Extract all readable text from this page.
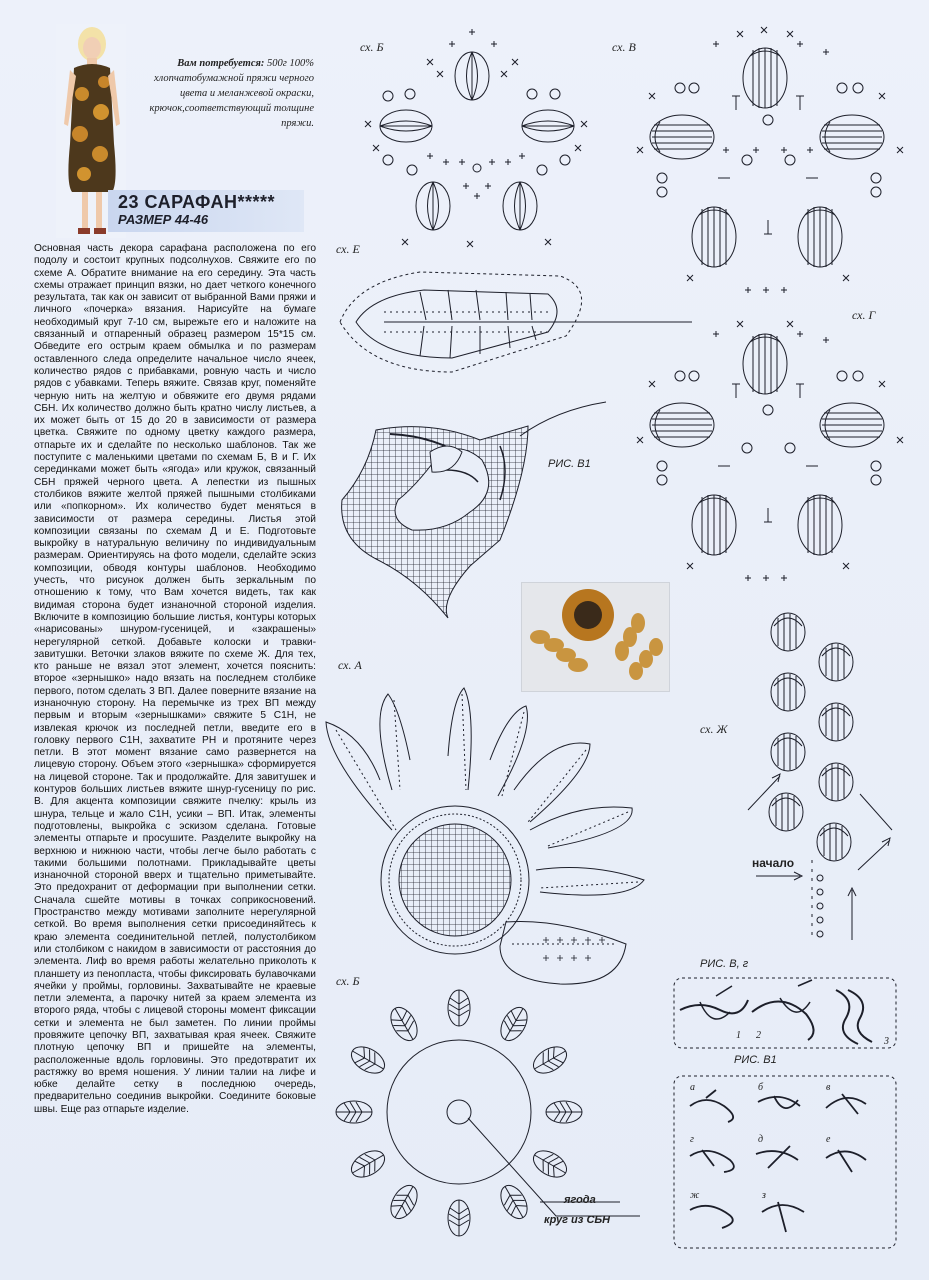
Вам потребуется: 500г 100% хлопчатобумажной пряжи черного цвета и меланжевой окраски, крючок,соответствующий толщине пряжи.
23 САРАФАН*****
РАЗМЕР 44-46
Основная часть декора сарафана расположена по его подолу и состоит крупных подсолнухов. Свяжите его по схеме А. Обратите внимание на его середину. Эта часть схемы отражает принцип вязки, но дает четкого конечного результата, так как он зависит от выбранной Вами пряжи и личного «почерка» вязания. Нарисуйте на бумаге необходимый круг 7-10 см, вырежьте его и наложите на связанный и отпаренный образец размером 15*15 см. Обведите его острым краем обмылка и по размерам оставленного следа определите начальное число ячеек, количество рядов с прибавками, ровную часть и число рядов с убавками. Теперь вяжите. Связав круг, поменяйте черную нить на желтую и обвяжите его двумя рядами СБН. Их количество должно быть кратно числу листьев, а их может быть от 15 до 20 в зависимости от размера цветка. Свяжите по одному цветку каждого размера, отпарьте их и сделайте по несколько шаблонов. Так же поступите с маленькими цветами по схемам Б, В и Г. Их серединками может быть «ягода» или кружок, связанный СБН пряжей черного цвета. А лепестки из пышных столбиков вяжите желтой пряжей пышными столбиками или «попкорном». Их количество будет меняться в зависимости от размера середины. Листья этой композиции связаны по схемам Д и Е. Подготовьте выкройку в натуральную величину по индивидуальным размерам. Ориентируясь на фото модели, сделайте эскиз композиции, обводя контуры шаблонов. Необходимо учесть, что рисунок должен быть зеркальным по отношению к тому, что Вам хочется видеть, так как видимая сторона будет изнаночной стороной изделия. Включите в композицию большие листья, контуры которых «нарисованы» шнуром-гусеницей, и «закрашены» нерегулярной сеткой. Добавьте колоски и травки-завитушки. Веточки злаков вяжите по схеме Ж. Для тех, кто раньше не вязал этот элемент, хочется пояснить: второе «зернышко» надо вязать на последнем столбике первого, потом сделать 3 ВП. Далее поверните вязание на изнаночную сторону. На перемычке из трех ВП между первым и вторым «зернышками» свяжите 5 С1Н, не извлекая крючок из последней петли, введите его в головку первого С1Н, захватите РН и протяните через петли. В этот момент вязание само развернется на лицевую сторону. Объем этого «зернышка» сформируется на лицевой стороне. Так и продолжайте. Для завитушек и контуров больших листьев вяжите шнур-гусеницу по рис. В. Для акцента композиции свяжите пчелку: крыль из шнура, тельце и жало С1Н, усики – ВП. Итак, элементы подготовлены, выкройка с эскизом сделана. Готовые элементы отпарьте и просушите. Разделите выкройку на верхнюю и нижнюю части, чтобы легче было работать с такими большими полотнами. Прикладывайте цветы изнаночной стороной вверх и тщательно приметывайте. Это предохранит от деформации при выполнении сетки. Сначала сшейте мотивы в точках соприкосновений. Пространство между мотивами заполните нерегулярной сеткой. Во время выполнения сетки присоединяйтесь к краю элемента соединительной петлей, полустолбиком или столбиком с накидом в зависимости от расстояния до элемента. Лиф во время работы желательно приколоть к планшету из пенопласта, чтобы фиксировать булавочками ячейки у проймы, горловины. Захватывайте не краевые петли элемента, а парочку нитей за краем элемента из второго ряда, чтобы с лицевой стороны момент фиксации сетки и элемента не был заметен. По линии проймы провяжите цепочку ВП, захватывая края ячеек. Свяжите плотную цепочку ВП и пришейте на элементы, расположенные вдоль горловины. Это предотвратит их растяжку во время ношения. У линии талии на лифе и юбке делайте сетку в последнюю очередь, предварительно соединив выкройки. Соедините боковые швы. Еще раз отпарьте изделие.
сх. Б	сх. В
сх. Е
сх. Г
РИС. В1
сх. А
сх. Ж
начало
РИС. В, г
сх. Б
РИС. В1
ягода
круг из СБН
1 2
3
а	б	в
г	д	е
ж	з
